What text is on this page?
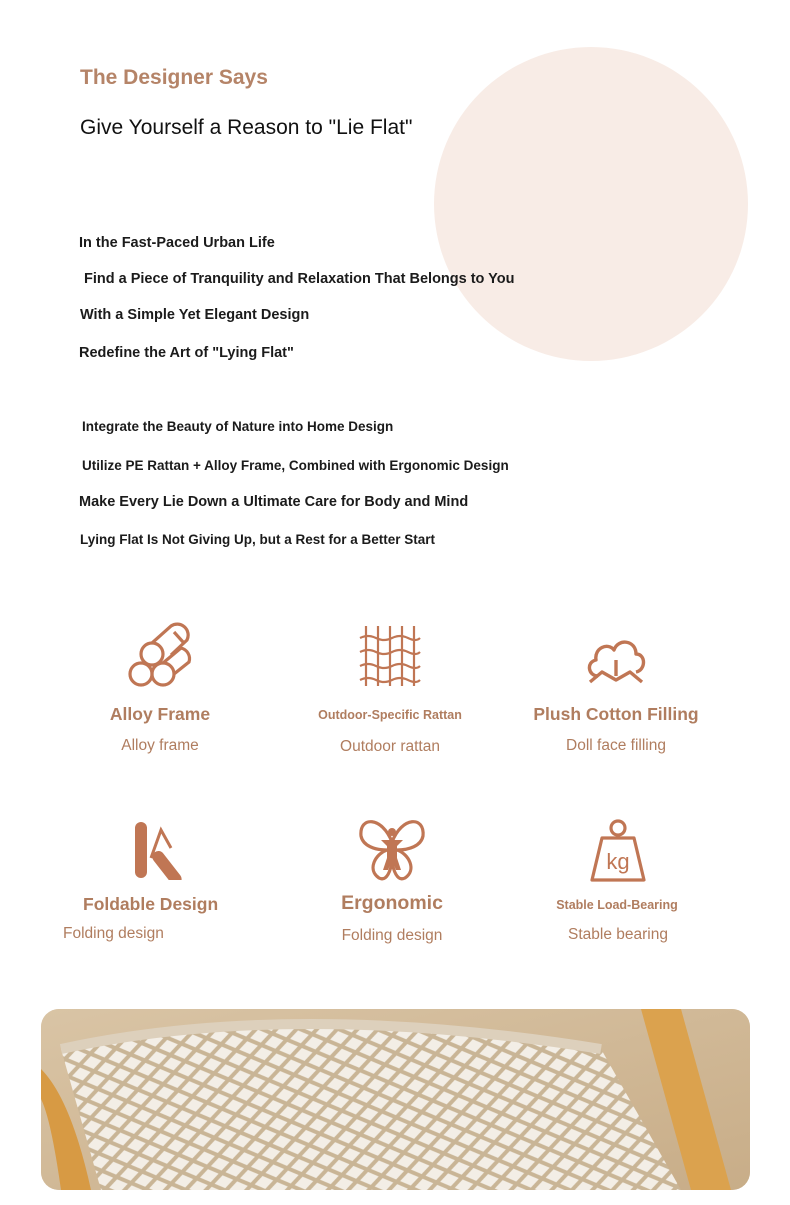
The Designer Says
Give Yourself a Reason to "Lie Flat"

In the Fast-Paced Urban Life

Find a Piece of Tranquility and Relaxation That Belongs to You

With a Simple Yet Elegant Design

Redefine the Art of "Lying Flat"

Integrate the Beauty of Nature into Home Design

Utilize PE Rattan + Alloy Frame, Combined with Ergonomic Design

Make Every Lie Down a Ultimate Care for Body and Mind

Lying Flat Is Not Giving Up, but a Rest for a Better Start

Alloy Frame
Alloy frame
Outdoor-Specific Rattan
Outdoor rattan
Plush Cotton Filling
Doll face filling
Foldable Design
Folding design
Ergonomic
Folding design
kg
Stable Load-Bearing
Stable bearing
